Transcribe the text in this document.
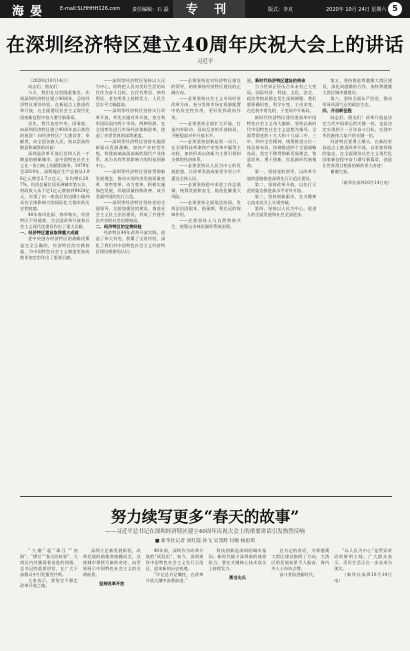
海 晏	E-mail:SLHHHH126.com 责任编辑：石 磊	专 刊	版式：李克	2020年 10月 24日 星期六 5
在深圳经济特区建立40周年庆祝大会上的讲话
习近平

（2020年10月14日）

同志们，朋友们：

今天，我们在这里隆重集会，庆祝深圳经济特区建立40周年，总结经济特区建设经验，在新起点上推进改革开放，在全面建设社会主义现代化国家新征程中奋力谱写新篇章。

首先，我代表党中央、国务院，向深圳经济特区建立40周年表示热烈的祝贺！向经济特区广大建设者、奉献者，向全国各族人民，致以崇高的敬意和诚挚的问候！

深圳是改革开放后党和人民一手缔造的崭新城市，是中国特色社会主义在一张白纸上的精彩演绎。1979年至2019年，深圳地区生产总值从1.96亿元增至2.7万亿元，年均增长20.7%，经济总量位居亚洲城市第五位，财政收入从不足1亿元增加到9424亿元，实现了由一座落后的边陲小镇到具有全球影响力的国际化大都市的历史性跨越。

40年春风化雨、春华秋实，经济特区不辱使命，为全国改革开放和社会主义现代化建设作出了重大贡献。

一、经济特区建设取得重大成就

党中央创办经济特区的战略决策是完全正确的。经济特区的实践探索，为中国特色社会主义制度更加成熟更加定型作出了重要贡献。

——深圳等经济特区坚持以人民为中心，始终把人民对美好生活的向往作为奋斗目标，在住有所居、病有所医、老有所养上持续发力，人民生活水平大幅提高。

——深圳等经济特区坚持实行改革开放，率先实施对外开放，充分利用国际国内两个市场、两种资源，在全国率先进行市场经济体制改革，创造了享誉世界的深圳速度。

——深圳等经济特区坚持实施创新驱动发展战略，加快产业转型升级，构建高端高质高新的现代产业体系，成为具有世界影响力的科技创新中心。

——深圳等经济特区坚持贯彻新发展理念，推动实现经济发展质量变革、效率变革、动力变革，积极实施绿色发展，环境质量持续改善，成为美丽中国的先行示范。

——深圳等经济特区坚持党的全面领导，全面加强党的建设，推进社会主义民主法治建设，形成了共建共治共享的社会治理格局。

二、经济特区的宝贵经验

经济特区40年改革开放实践，创造了伟大奇迹，积累了宝贵经验，深化了我们对中国特色社会主义经济特区建设规律的认识。

——必须坚持党对经济特区建设的领导，始终保持经济特区建设的正确方向。

——必须坚持社会主义市场经济改革方向，充分发挥市场在资源配置中的决定性作用，更好发挥政府作用。

——必须坚持全面扩大开放，打造内外联动、双向互济的开放格局，不断提高对外开放水平。

——必须坚持创新是第一动力，在全球科技革命和产业变革中赢得主动权，加快形成以创新为主要引领和支撑的经济体系。

——必须坚持以人民为中心的发展思想，让改革发展成果更多更公平惠及全体人民。

——必须坚持稳中求进工作总基调，统筹发展和安全，防范化解重大风险。

——必须坚持全面依法治国，发挥法治固根本、稳预期、利长远的保障作用。

——必须坚持人与自然和谐共生，统筹山水林田湖草系统治理。

三、新时代经济特区建设的使命

当今世界正经历百年未有之大变局，国际经济、科技、文化、安全、政治等格局都在发生深刻调整。我们要准确识变、科学应变、主动求变，在危机中育先机、于变局中开新局。

新时代经济特区建设要高举中国特色社会主义伟大旗帜，坚持以新时代中国特色社会主义思想为指导，全面贯彻党的十九大和十九届二中、三中、四中全会精神，统筹推进五位一体总体布局，协调推进四个全面战略布局，坚定不移贯彻新发展理念，锐意改革，勇于创新，扛起新时代新使命。

第一，坚持党的领导，以改革开放的思路推进深圳先行示范区建设。

第二，坚持改革开放，以先行示范的姿态推进高水平对外开放。

第三，坚持创新驱动，在关键核心技术攻关上实现突破。

第四，坚持以人民为中心，促进人的全面发展和社会全面进步。

第五，坚持推进粤港澳大湾区建设，深化同港澳的合作，加快粤港澳大湾区城市群建设。

第六，坚持全面从严治党，推动形成风清气正的政治生态。

四、开启新征程

同志们、朋友们！改革开放是决定当代中国命运的关键一招，也是决定实现两个一百年奋斗目标、实现中华民族伟大复兴的关键一招。

经济特区要勇立潮头，在新的更高起点上推进改革开放，以更加昂扬的姿态，在全面建设社会主义现代化国家新征程中奋力谱写新篇章，创造让世界刮目相看的新的更大奇迹！

谢谢大家。

（新华社深圳10月14日电）

努力续写更多“春天的故事”
——习近平总书记在深圳经济特区建立40周年庆祝大会上的重要讲话引发热烈反响
■ 新华社记者 刘红霞 孙飞 吴茂辉 付敏 杨思琪

“大潮”起“珠江”“南海”，“谱写”“春天的故事”，大湾区内外激荡着奋进的热情。总书记的重要讲话，在广大干部群众中引发强烈共鸣。

大家表示，要坚定不移走改革开放之路。

深圳立足新发展阶段，改革发展的新使命接踵而至。这座城市将续写新的奇迹，向世界展示中国特色社会主义的光明前景。

坚持改革开放

40年前，深圳作为改革开放的“试验田”。如今，深圳建设中国特色社会主义先行示范区，迎来新的历史机遇。

“牢记总书记嘱托，在改革开放大潮中奋勇前进。”

科技创新是深圳的城市基因。新时代赋予深圳新的使命担当，要在关键核心技术攻关上持续发力。

勇当尖兵

总书记的讲话，为粤港澳大湾区建设指明了方向，大湾区的发展前景令人振奋，海内外人士纷纷点赞。

奋斗者奋进新时代。

“以人民为中心”是贯穿讲话的鲜明主线。广大群众表示，美好生活正在一步步成为现实。

（新华社深圳10月14日电）
